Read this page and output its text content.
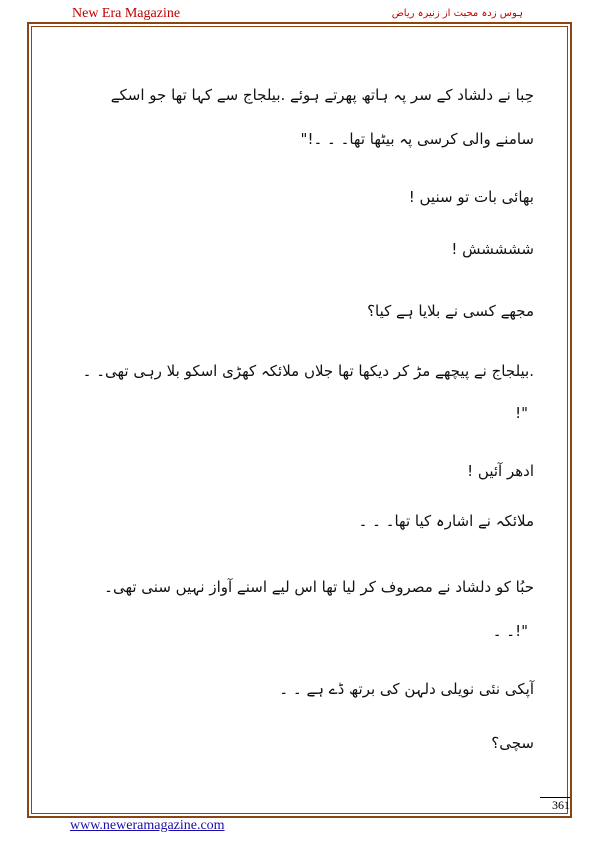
New Era Magazine	ہوس زدہ محبت از زنیرہ ریاض
حِبا نے دلشاد کے سر پہ ہاتھ پھرتے ہوئے .بیلجاج سے کہا تھا جو اسکے
سامنے والی کرسی پہ بیٹھا تھا۔ ۔ ۔!"
بھائی بات تو سنیں !
ششششش !
مجھے کسی نے بلایا ہے کیا؟
.بیلجاج نے پیچھے مڑ کر دیکھا تھا جلاں ملائکہ کھڑی اسکو بلا رہی تھی۔ ۔
"!
ادھر آئیں !
ملائکہ نے اشارہ کیا تھا۔ ۔ ۔
حبُا کو دلشاد نے مصروف کر لیا تھا اس لیے اسنے آواز نہیں سنی تھی۔
"!۔ ۔
آپکی نئی نویلی دلہن کی برتھ ڈے ہے ۔ ۔
سچی؟
361
www.neweramagazine.com
